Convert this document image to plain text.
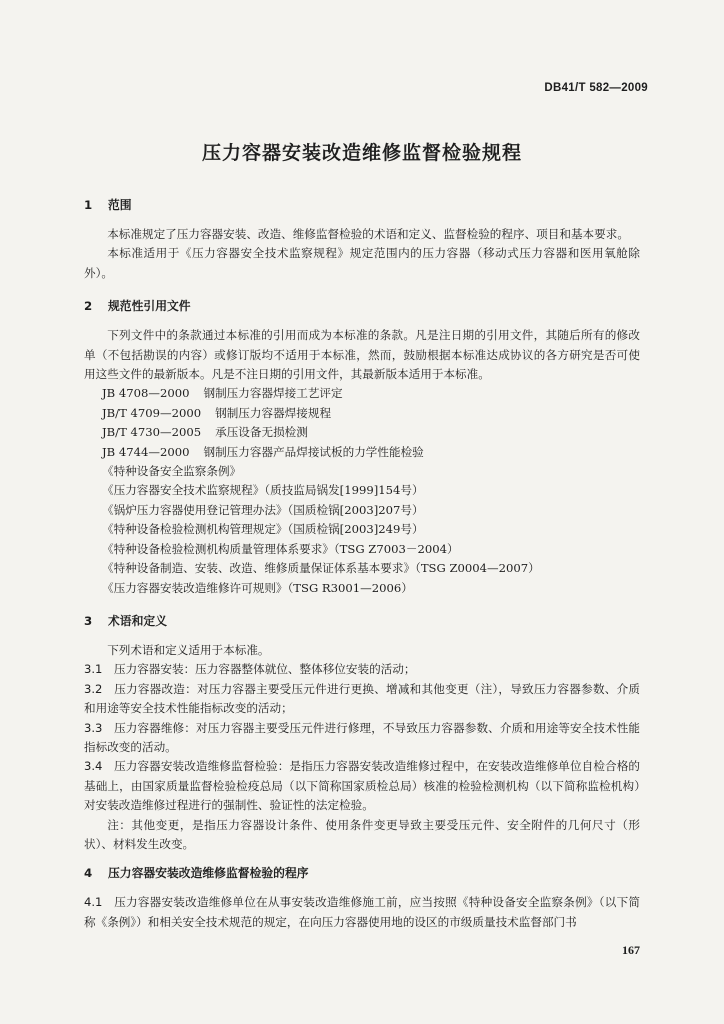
DB41/T 582—2009
压力容器安装改造维修监督检验规程
1 范围

本标准规定了压力容器安装、改造、维修监督检验的术语和定义、监督检验的程序、项目和基本要求。

本标准适用于《压力容器安全技术监察规程》规定范围内的压力容器（移动式压力容器和医用氧舱除外）。

2 规范性引用文件

下列文件中的条款通过本标准的引用而成为本标准的条款。凡是注日期的引用文件，其随后所有的修改单（不包括勘误的内容）或修订版均不适用于本标准，然而，鼓励根据本标准达成协议的各方研究是否可使用这些文件的最新版本。凡是不注日期的引用文件，其最新版本适用于本标准。

JB 4708—2000 钢制压力容器焊接工艺评定

JB/T 4709—2000 钢制压力容器焊接规程

JB/T 4730—2005 承压设备无损检测

JB 4744—2000 钢制压力容器产品焊接试板的力学性能检验

《特种设备安全监察条例》

《压力容器安全技术监察规程》（质技监局锅发[1999]154号）

《锅炉压力容器使用登记管理办法》（国质检锅[2003]207号）

《特种设备检验检测机构管理规定》（国质检锅[2003]249号）

《特种设备检验检测机构质量管理体系要求》（TSG Z7003－2004）

《特种设备制造、安装、改造、维修质量保证体系基本要求》（TSG Z0004—2007）

《压力容器安装改造维修许可规则》（TSG R3001—2006）

3 术语和定义

下列术语和定义适用于本标准。

3.1 压力容器安装：压力容器整体就位、整体移位安装的活动；

3.2 压力容器改造：对压力容器主要受压元件进行更换、增减和其他变更（注），导致压力容器参数、介质和用途等安全技术性能指标改变的活动；

3.3 压力容器维修：对压力容器主要受压元件进行修理，不导致压力容器参数、介质和用途等安全技术性能指标改变的活动。

3.4 压力容器安装改造维修监督检验：是指压力容器安装改造维修过程中，在安装改造维修单位自检合格的基础上，由国家质量监督检验检疫总局（以下简称国家质检总局）核准的检验检测机构（以下简称监检机构）对安装改造维修过程进行的强制性、验证性的法定检验。

注：其他变更，是指压力容器设计条件、使用条件变更导致主要受压元件、安全附件的几何尺寸（形状）、材料发生改变。

4 压力容器安装改造维修监督检验的程序

4.1 压力容器安装改造维修单位在从事安装改造维修施工前，应当按照《特种设备安全监察条例》（以下简称《条例》）和相关安全技术规范的规定，在向压力容器使用地的设区的市级质量技术监督部门书

167
